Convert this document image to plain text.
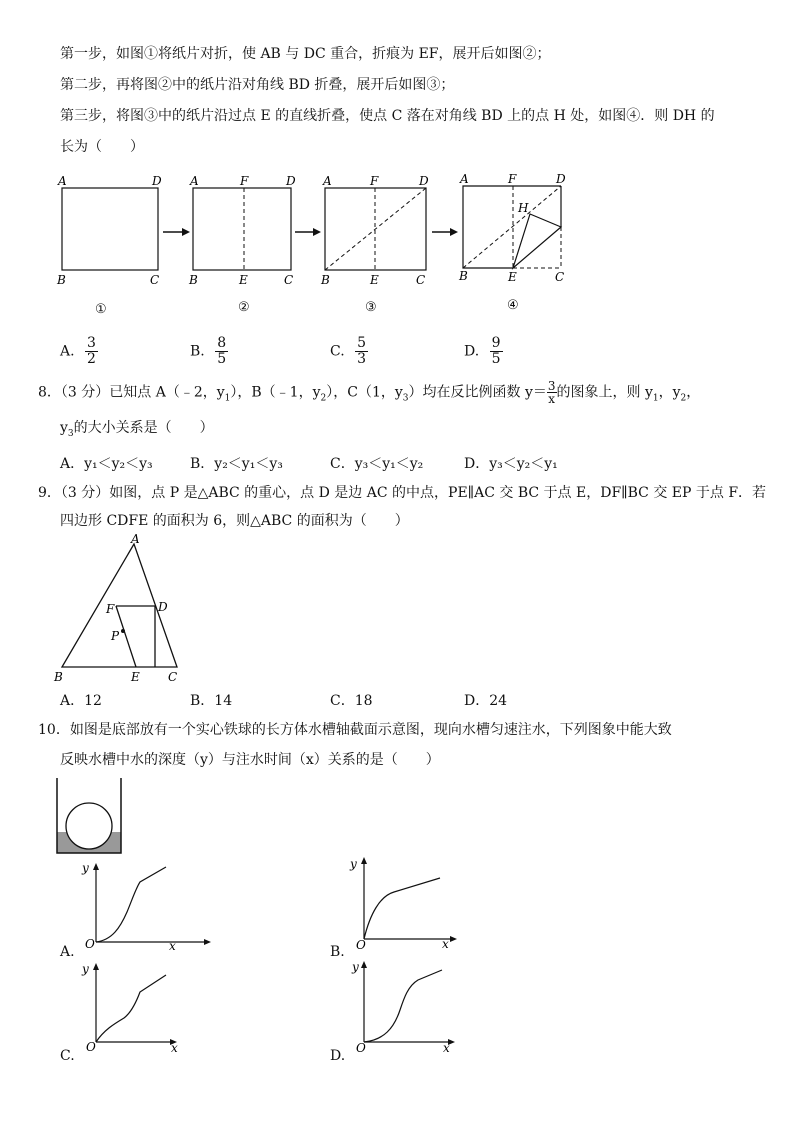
第一步，如图①将纸片对折，使 AB 与 DC 重合，折痕为 EF，展开后如图②；
第二步，再将图②中的纸片沿对角线 BD 折叠，展开后如图③；
第三步，将图③中的纸片沿过点 E 的直线折叠，使点 C 落在对角线 BD 上的点 H 处，如图④．则 DH 的
长为（　　）
A	D
B	C
A	F	D
B	E	C
A	F	D
B	E	C
A	F	D
H
B	E	C
①	②	③	④
A. $\frac{3}{2}$	B. $\frac{8}{5}$	C. $\frac{5}{3}$	D. $\frac{9}{5}$
8．（3 分）已知点 A（﹣2，$y_1$），B（﹣1，$y_2$），C（1，$y_3$）均在反比例函数 $y= \frac{3}{x}$ 的图象上，则 $y_1$，$y_2$，
$y_3$的大小关系是（　　）
A．y₁＜y₂＜y₃	B．y₂＜y₁＜y₃	C．y₃＜y₁＜y₂	D．y₃＜y₂＜y₁
9．（3 分）如图，点 P 是△ABC 的重心，点 D 是边 AC 的中点，PE∥AC 交 BC 于点 E，DF∥BC 交 EP 于点 F．若
四边形 CDFE 的面积为 6，则△ABC 的面积为（　　）
A
B	C
D
E
F
P
A．12	B．14	C．18	D．24
10．如图是底部放有一个实心铁球的长方体水槽轴截面示意图，现向水槽匀速注水，下列图象中能大致
反映水槽中水的深度（y）与注水时间（x）关系的是（　　）
y
x
O
A.
y
x
O
B.
y
x
O
C.
y
x
O
D.
